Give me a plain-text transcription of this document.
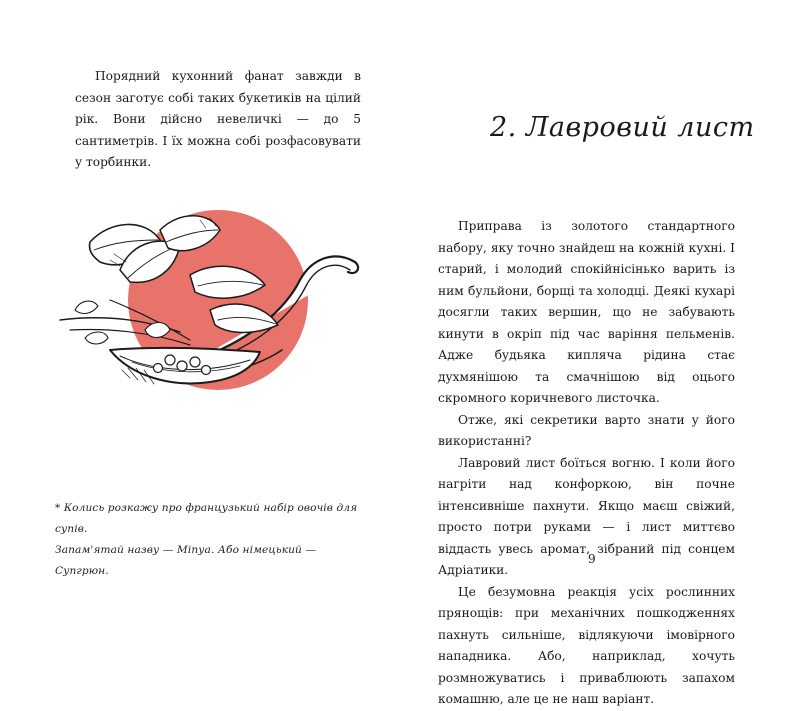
Порядний кухонний фанат завжди в сезон заготує собі таких букетиків на цілий рік. Вони дійсно невеличкі — до 5 сантиметрів. І їх можна собі розфасовувати у торбинки.

* Колись розкажу про французький набір овочів для супів.
Запам'ятай назву — Міпуа. Або німецький — Супгрюн.
2. Лавровий лист

Приправа із золотого стандартного набору, яку точно знайдеш на кожній кухні. І старий, і молодий спокійнісінько варить із ним бульйони, борщі та холодці. Деякі кухарі досягли таких вершин, що не забувають кинути в окріп під час варіння пельменів. Адже будьяка кипляча рідина стає духмянішою та смачнішою від оцього скромного коричневого листочка.

Отже, які секретики варто знати у його використанні?

Лавровий лист боїться вогню. І коли його нагріти над конфоркою, він почне інтенсивніше пахнути. Якщо маєш свіжий, просто потри руками — і лист миттєво віддасть увесь аромат, зібраний під сонцем Адріатики.

Це безумовна реакція усіх рослинних прянощів: при механічних пошкодженнях пахнуть сильніше, відлякуючи імовірного нападника. Або, наприклад, хочуть розмножуватись і приваблюють запахом комашню, але це не наш варіант.

9
